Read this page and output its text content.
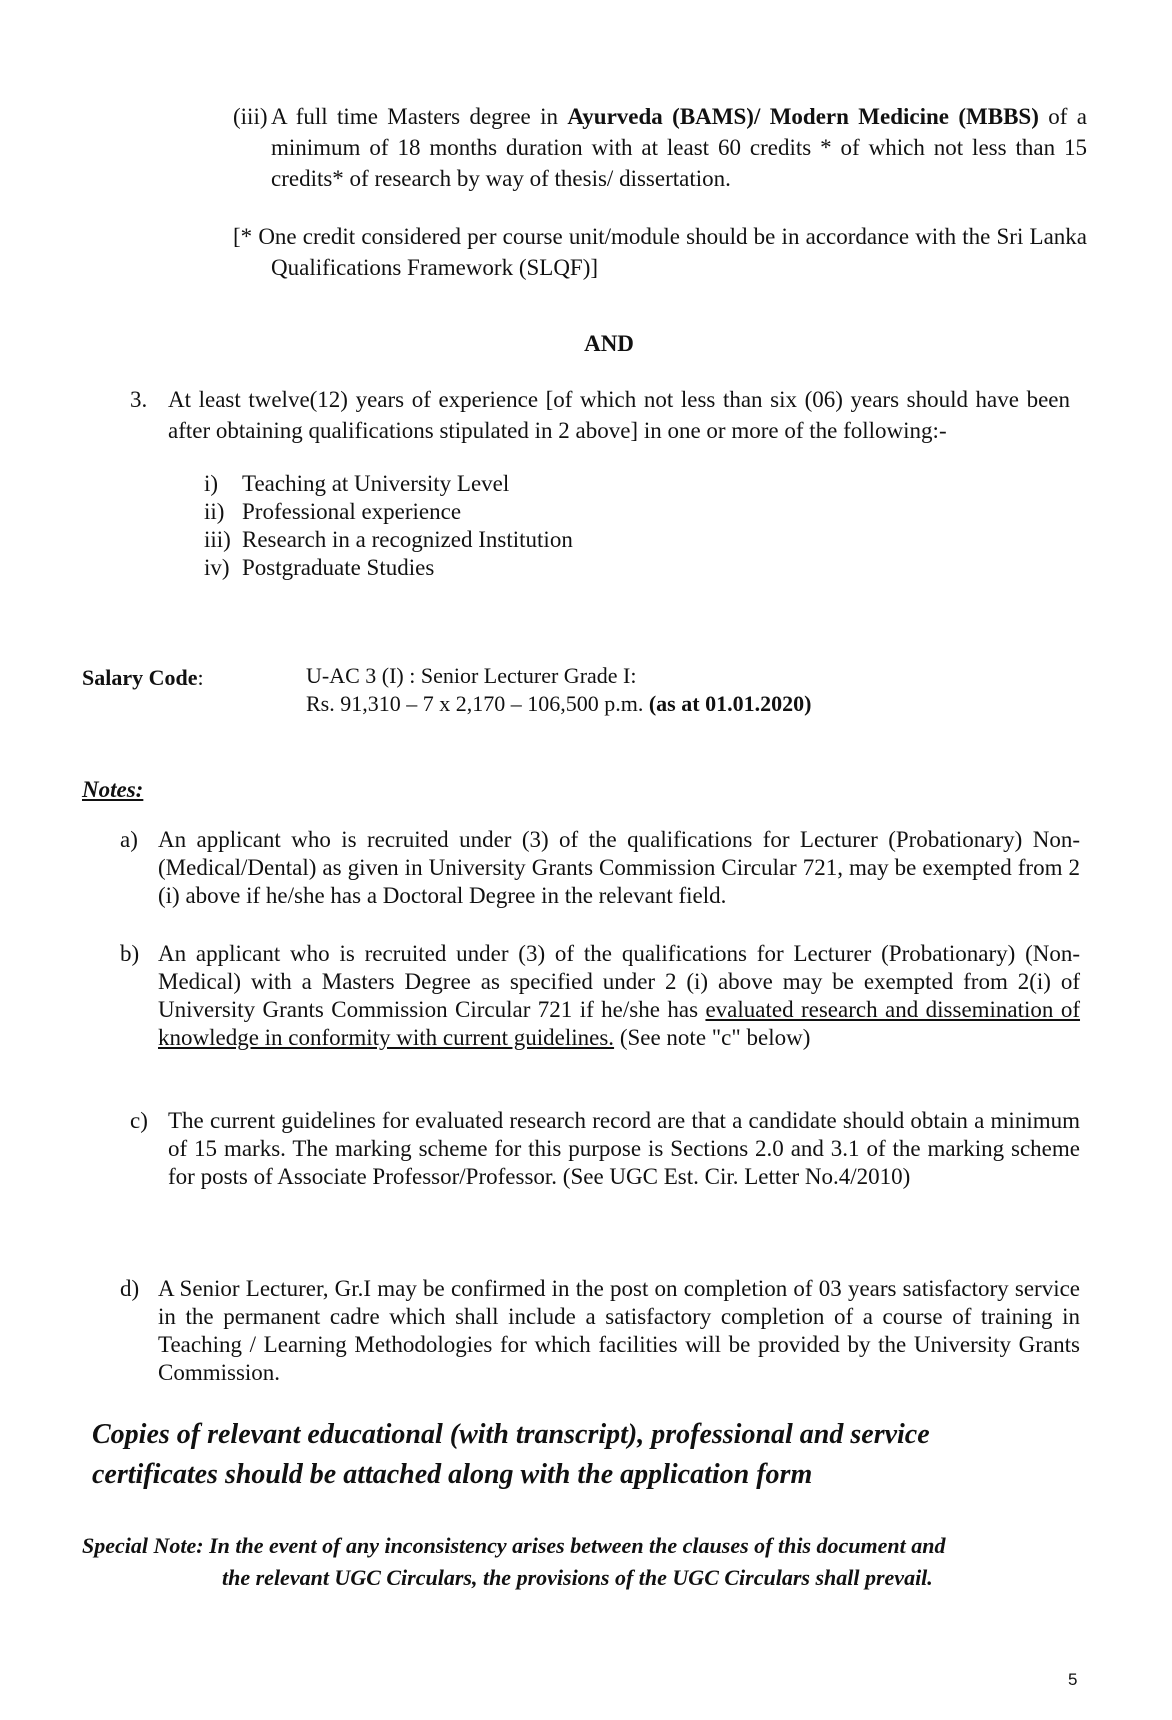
(iii) A full time Masters degree in Ayurveda (BAMS)/ Modern Medicine (MBBS) of a minimum of 18 months duration with at least 60 credits * of which not less than 15 credits* of research by way of thesis/ dissertation.
[* One credit considered per course unit/module should be in accordance with the Sri Lanka Qualifications Framework (SLQF)]
AND
3. At least twelve(12) years of experience [of which not less than six (06) years should have been after obtaining qualifications stipulated in 2 above] in one or more of the following:-
i) Teaching at University Level
ii) Professional experience
iii) Research in a recognized Institution
iv) Postgraduate Studies
Salary Code:	U-AC 3 (I) : Senior Lecturer Grade I:
Rs. 91,310 – 7 x 2,170 – 106,500 p.m. (as at 01.01.2020)
Notes:
a) An applicant who is recruited under (3) of the qualifications for Lecturer (Probationary) Non-(Medical/Dental) as given in University Grants Commission Circular 721, may be exempted from 2 (i) above if he/she has a Doctoral Degree in the relevant field.
b) An applicant who is recruited under (3) of the qualifications for Lecturer (Probationary) (Non-Medical) with a Masters Degree as specified under 2 (i) above may be exempted from 2(i) of University Grants Commission Circular 721 if he/she has evaluated research and dissemination of knowledge in conformity with current guidelines. (See note "c" below)
c) The current guidelines for evaluated research record are that a candidate should obtain a minimum of 15 marks. The marking scheme for this purpose is Sections 2.0 and 3.1 of the marking scheme for posts of Associate Professor/Professor. (See UGC Est. Cir. Letter No.4/2010)
d) A Senior Lecturer, Gr.I may be confirmed in the post on completion of 03 years satisfactory service in the permanent cadre which shall include a satisfactory completion of a course of training in Teaching / Learning Methodologies for which facilities will be provided by the University Grants Commission.
Copies of relevant educational (with transcript), professional and service
certificates should be attached along with the application form
Special Note: In the event of any inconsistency arises between the clauses of this document and
the relevant UGC Circulars, the provisions of the UGC Circulars shall prevail.
5
